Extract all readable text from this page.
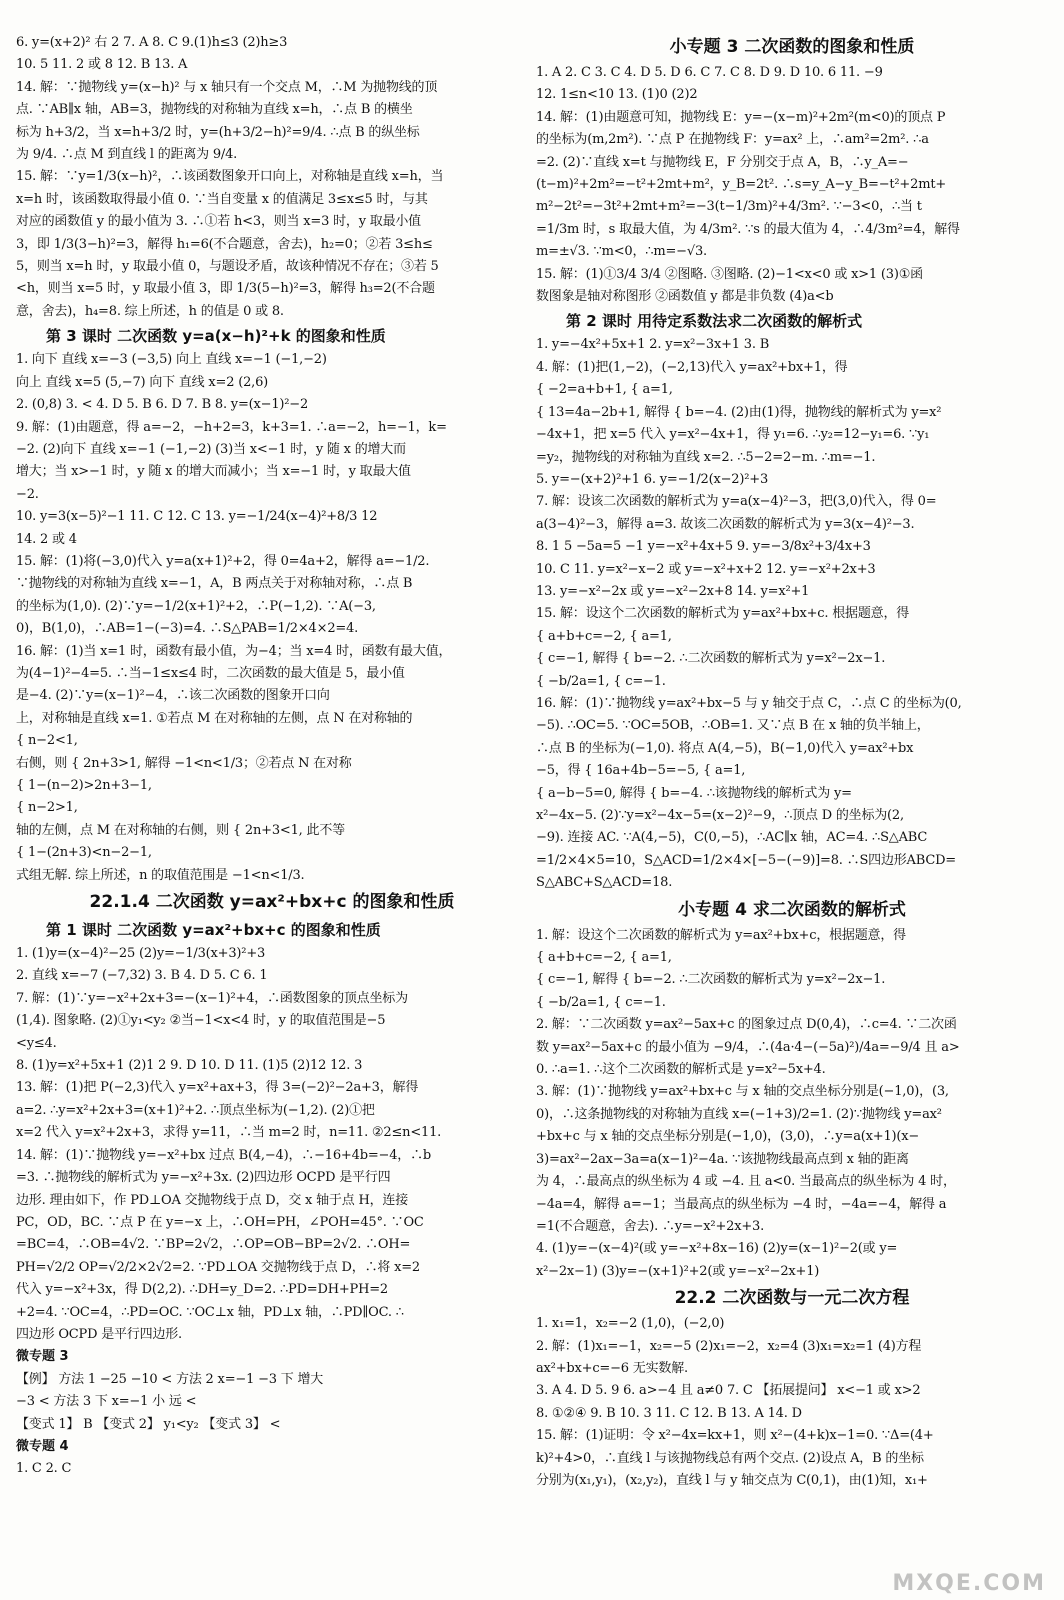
6. y=(x+2)² 右 2 7. A 8. C 9.(1)h≤3 (2)h≥3
10. 5 11. 2 或 8 12. B 13. A
14. 解：∵抛物线 y=(x−h)² 与 x 轴只有一个交点 M，∴M 为抛物线的顶
点. ∵AB∥x 轴，AB=3，抛物线的对称轴为直线 x=h，∴点 B 的横坐
标为 h+3/2，当 x=h+3/2 时，y=(h+3/2−h)²=9/4. ∴点 B 的纵坐标
为 9/4. ∴点 M 到直线 l 的距离为 9/4.
15. 解：∵y=1/3(x−h)²，∴该函数图象开口向上，对称轴是直线 x=h，当
x=h 时，该函数取得最小值 0. ∵当自变量 x 的值满足 3≤x≤5 时，与其
对应的函数值 y 的最小值为 3. ∴①若 h<3，则当 x=3 时，y 取最小值
3，即 1/3(3−h)²=3，解得 h₁=6(不合题意，舍去)，h₂=0；②若 3≤h≤
5，则当 x=h 时，y 取最小值 0，与题设矛盾，故该种情况不存在；③若 5
<h，则当 x=5 时，y 取最小值 3，即 1/3(5−h)²=3，解得 h₃=2(不合题
意，舍去)，h₄=8. 综上所述，h 的值是 0 或 8.
第 3 课时 二次函数 y=a(x−h)²+k 的图象和性质
1. 向下 直线 x=−3 (−3,5) 向上 直线 x=−1 (−1,−2)
向上 直线 x=5 (5,−7) 向下 直线 x=2 (2,6)
2. (0,8) 3. < 4. D 5. B 6. D 7. B 8. y=(x−1)²−2
9. 解：(1)由题意，得 a=−2，−h+2=3，k+3=1. ∴a=−2，h=−1，k=
−2. (2)向下 直线 x=−1 (−1,−2) (3)当 x<−1 时，y 随 x 的增大而
增大；当 x>−1 时，y 随 x 的增大而减小；当 x=−1 时，y 取最大值
−2.
10. y=3(x−5)²−1 11. C 12. C 13. y=−1/24(x−4)²+8/3 12
14. 2 或 4
15. 解：(1)将(−3,0)代入 y=a(x+1)²+2，得 0=4a+2，解得 a=−1/2.
∵抛物线的对称轴为直线 x=−1，A，B 两点关于对称轴对称，∴点 B
的坐标为(1,0). (2)∵y=−1/2(x+1)²+2，∴P(−1,2). ∵A(−3,
0)，B(1,0)，∴AB=1−(−3)=4. ∴S△PAB=1/2×4×2=4.
16. 解：(1)当 x=1 时，函数有最小值，为−4；当 x=4 时，函数有最大值，
为(4−1)²−4=5. ∴当−1≤x≤4 时，二次函数的最大值是 5，最小值
是−4. (2)∵y=(x−1)²−4，∴该二次函数的图象开口向
上，对称轴是直线 x=1. ①若点 M 在对称轴的左侧，点 N 在对称轴的
{ n−2<1,
右侧，则 { 2n+3>1, 解得 −1<n<1/3；②若点 N 在对称
{ 1−(n−2)>2n+3−1,
{ n−2>1,
轴的左侧，点 M 在对称轴的右侧，则 { 2n+3<1, 此不等
{ 1−(2n+3)<n−2−1,
式组无解. 综上所述，n 的取值范围是 −1<n<1/3.
22.1.4 二次函数 y=ax²+bx+c 的图象和性质
第 1 课时 二次函数 y=ax²+bx+c 的图象和性质
1. (1)y=(x−4)²−25 (2)y=−1/3(x+3)²+3
2. 直线 x=−7 (−7,32) 3. B 4. D 5. C 6. 1
7. 解：(1)∵y=−x²+2x+3=−(x−1)²+4，∴函数图象的顶点坐标为
(1,4). 图象略. (2)①y₁<y₂ ②当−1<x<4 时，y 的取值范围是−5
<y≤4.
8. (1)y=x²+5x+1 (2)1 2 9. D 10. D 11. (1)5 (2)12 12. 3
13. 解：(1)把 P(−2,3)代入 y=x²+ax+3，得 3=(−2)²−2a+3，解得
a=2. ∴y=x²+2x+3=(x+1)²+2. ∴顶点坐标为(−1,2). (2)①把
x=2 代入 y=x²+2x+3，求得 y=11，∴当 m=2 时，n=11. ②2≤n<11.
14. 解：(1)∵抛物线 y=−x²+bx 过点 B(4,−4)，∴−16+4b=−4，∴b
=3. ∴抛物线的解析式为 y=−x²+3x. (2)四边形 OCPD 是平行四
边形. 理由如下，作 PD⊥OA 交抛物线于点 D，交 x 轴于点 H，连接
PC，OD，BC. ∵点 P 在 y=−x 上，∴OH=PH，∠POH=45°. ∵OC
=BC=4，∴OB=4√2. ∵BP=2√2，∴OP=OB−BP=2√2. ∴OH=
PH=√2/2 OP=√2/2×2√2=2. ∵PD⊥OA 交抛物线于点 D，∴将 x=2
代入 y=−x²+3x，得 D(2,2). ∴DH=y_D=2. ∴PD=DH+PH=2
+2=4. ∵OC=4，∴PD=OC. ∵OC⊥x 轴，PD⊥x 轴，∴PD∥OC. ∴
四边形 OCPD 是平行四边形.
微专题 3
【例】 方法 1 −25 −10 < 方法 2 x=−1 −3 下 增大
−3 < 方法 3 下 x=−1 小 远 <
【变式 1】 B 【变式 2】 y₁<y₂ 【变式 3】 <
微专题 4
1. C 2. C
小专题 3 二次函数的图象和性质
1. A 2. C 3. C 4. D 5. D 6. C 7. C 8. D 9. D 10. 6 11. −9
12. 1≤n<10 13. (1)0 (2)2
14. 解：(1)由题意可知，抛物线 E：y=−(x−m)²+2m²(m<0)的顶点 P
的坐标为(m,2m²). ∵点 P 在抛物线 F：y=ax² 上，∴am²=2m². ∴a
=2. (2)∵直线 x=t 与抛物线 E，F 分别交于点 A，B，∴y_A=−
(t−m)²+2m²=−t²+2mt+m²，y_B=2t². ∴s=y_A−y_B=−t²+2mt+
m²−2t²=−3t²+2mt+m²=−3(t−1/3m)²+4/3m². ∵−3<0，∴当 t
=1/3m 时，s 取最大值，为 4/3m². ∵s 的最大值为 4，∴4/3m²=4，解得
m=±√3. ∵m<0，∴m=−√3.
15. 解：(1)①3/4 3/4 ②图略. ③图略. (2)−1<x<0 或 x>1 (3)①函
数图象是轴对称图形 ②函数值 y 都是非负数 (4)a<b
第 2 课时 用待定系数法求二次函数的解析式
1. y=−4x²+5x+1 2. y=x²−3x+1 3. B
4. 解：(1)把(1,−2)，(−2,13)代入 y=ax²+bx+1，得
{ −2=a+b+1, { a=1,
{ 13=4a−2b+1, 解得 { b=−4. (2)由(1)得，抛物线的解析式为 y=x²
−4x+1，把 x=5 代入 y=x²−4x+1，得 y₁=6. ∴y₂=12−y₁=6. ∵y₁
=y₂，抛物线的对称轴为直线 x=2. ∴5−2=2−m. ∴m=−1.
5. y=−(x+2)²+1 6. y=−1/2(x−2)²+3
7. 解：设该二次函数的解析式为 y=a(x−4)²−3，把(3,0)代入，得 0=
a(3−4)²−3，解得 a=3. 故该二次函数的解析式为 y=3(x−4)²−3.
8. 1 5 −5a=5 −1 y=−x²+4x+5 9. y=−3/8x²+3/4x+3
10. C 11. y=x²−x−2 或 y=−x²+x+2 12. y=−x²+2x+3
13. y=−x²−2x 或 y=−x²−2x+8 14. y=x²+1
15. 解：设这个二次函数的解析式为 y=ax²+bx+c. 根据题意，得
{ a+b+c=−2, { a=1,
{ c=−1, 解得 { b=−2. ∴二次函数的解析式为 y=x²−2x−1.
{ −b/2a=1, { c=−1.
16. 解：(1)∵抛物线 y=ax²+bx−5 与 y 轴交于点 C，∴点 C 的坐标为(0,
−5). ∴OC=5. ∵OC=5OB，∴OB=1. 又∵点 B 在 x 轴的负半轴上，
∴点 B 的坐标为(−1,0). 将点 A(4,−5)，B(−1,0)代入 y=ax²+bx
−5，得 { 16a+4b−5=−5, { a=1,
{ a−b−5=0, 解得 { b=−4. ∴该抛物线的解析式为 y=
x²−4x−5. (2)∵y=x²−4x−5=(x−2)²−9，∴顶点 D 的坐标为(2,
−9). 连接 AC. ∵A(4,−5)，C(0,−5)，∴AC∥x 轴，AC=4. ∴S△ABC
=1/2×4×5=10，S△ACD=1/2×4×[−5−(−9)]=8. ∴S四边形ABCD=
S△ABC+S△ACD=18.
小专题 4 求二次函数的解析式
1. 解：设这个二次函数的解析式为 y=ax²+bx+c，根据题意，得
{ a+b+c=−2, { a=1,
{ c=−1, 解得 { b=−2. ∴二次函数的解析式为 y=x²−2x−1.
{ −b/2a=1, { c=−1.
2. 解：∵二次函数 y=ax²−5ax+c 的图象过点 D(0,4)，∴c=4. ∵二次函
数 y=ax²−5ax+c 的最小值为 −9/4，∴(4a·4−(−5a)²)/4a=−9/4 且 a>
0. ∴a=1. ∴这个二次函数的解析式是 y=x²−5x+4.
3. 解：(1)∵抛物线 y=ax²+bx+c 与 x 轴的交点坐标分别是(−1,0)，(3,
0)，∴这条抛物线的对称轴为直线 x=(−1+3)/2=1. (2)∵抛物线 y=ax²
+bx+c 与 x 轴的交点坐标分别是(−1,0)，(3,0)，∴y=a(x+1)(x−
3)=ax²−2ax−3a=a(x−1)²−4a. ∵该抛物线最高点到 x 轴的距离
为 4，∴最高点的纵坐标为 4 或 −4. 且 a<0. 当最高点的纵坐标为 4 时，
−4a=4，解得 a=−1；当最高点的纵坐标为 −4 时，−4a=−4，解得 a
=1(不合题意，舍去). ∴y=−x²+2x+3.
4. (1)y=−(x−4)²(或 y=−x²+8x−16) (2)y=(x−1)²−2(或 y=
x²−2x−1) (3)y=−(x+1)²+2(或 y=−x²−2x+1)
22.2 二次函数与一元二次方程
1. x₁=1，x₂=−2 (1,0)，(−2,0)
2. 解：(1)x₁=−1，x₂=−5 (2)x₁=−2，x₂=4 (3)x₁=x₂=1 (4)方程
ax²+bx+c=−6 无实数解.
3. A 4. D 5. 9 6. a>−4 且 a≠0 7. C 【拓展提问】 x<−1 或 x>2
8. ①②④ 9. B 10. 3 11. C 12. B 13. A 14. D
15. 解：(1)证明：令 x²−4x=kx+1，则 x²−(4+k)x−1=0. ∵Δ=(4+
k)²+4>0，∴直线 l 与该抛物线总有两个交点. (2)设点 A，B 的坐标
分别为(x₁,y₁)，(x₂,y₂)，直线 l 与 y 轴交点为 C(0,1)，由(1)知，x₁+
MXQE.COM
